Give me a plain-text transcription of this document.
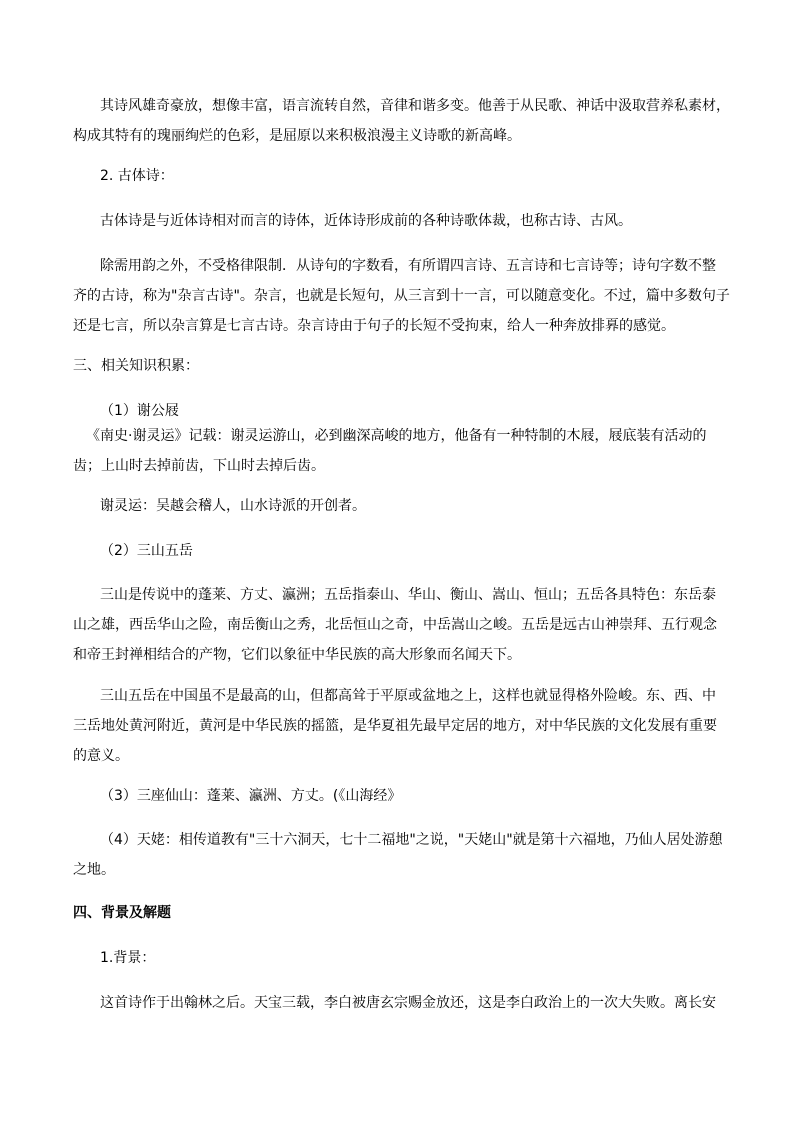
其诗风雄奇豪放，想像丰富，语言流转自然，音律和谐多变。他善于从民歌、神话中汲取营养私素材，
构成其特有的瑰丽绚烂的色彩，是屈原以来积极浪漫主义诗歌的新高峰。
2. 古体诗：
古体诗是与近体诗相对而言的诗体，近体诗形成前的各种诗歌体裁，也称古诗、古风。
除需用韵之外，不受格律限制．从诗句的字数看，有所谓四言诗、五言诗和七言诗等；诗句字数不整
齐的古诗，称为"杂言古诗"。杂言，也就是长短句，从三言到十一言，可以随意变化。不过，篇中多数句子
还是七言，所以杂言算是七言古诗。杂言诗由于句子的长短不受拘束，给人一种奔放排奡的感觉。
三、相关知识积累：
（1）谢公屐
《南史·谢灵运》记载：谢灵运游山，必到幽深高峻的地方，他备有一种特制的木屐，屐底装有活动的
齿；上山时去掉前齿，下山时去掉后齿。
谢灵运：吴越会稽人，山水诗派的开创者。
（2）三山五岳
三山是传说中的蓬莱、方丈、瀛洲；五岳指泰山、华山、衡山、嵩山、恒山；五岳各具特色：东岳泰
山之雄，西岳华山之险，南岳衡山之秀，北岳恒山之奇，中岳嵩山之峻。五岳是远古山神崇拜、五行观念
和帝王封禅相结合的产物，它们以象征中华民族的高大形象而名闻天下。
三山五岳在中国虽不是最高的山，但都高耸于平原或盆地之上，这样也就显得格外险峻。东、西、中
三岳地处黄河附近，黄河是中华民族的摇篮，是华夏祖先最早定居的地方，对中华民族的文化发展有重要
的意义。
（3）三座仙山：蓬莱、瀛洲、方丈。(《山海经》
（4）天姥：相传道教有"三十六洞天，七十二福地"之说，"天姥山"就是第十六福地，乃仙人居处游憩
之地。
四、背景及解题
1.背景：
这首诗作于出翰林之后。天宝三载，李白被唐玄宗赐金放还，这是李白政治上的一次大失败。离长安
